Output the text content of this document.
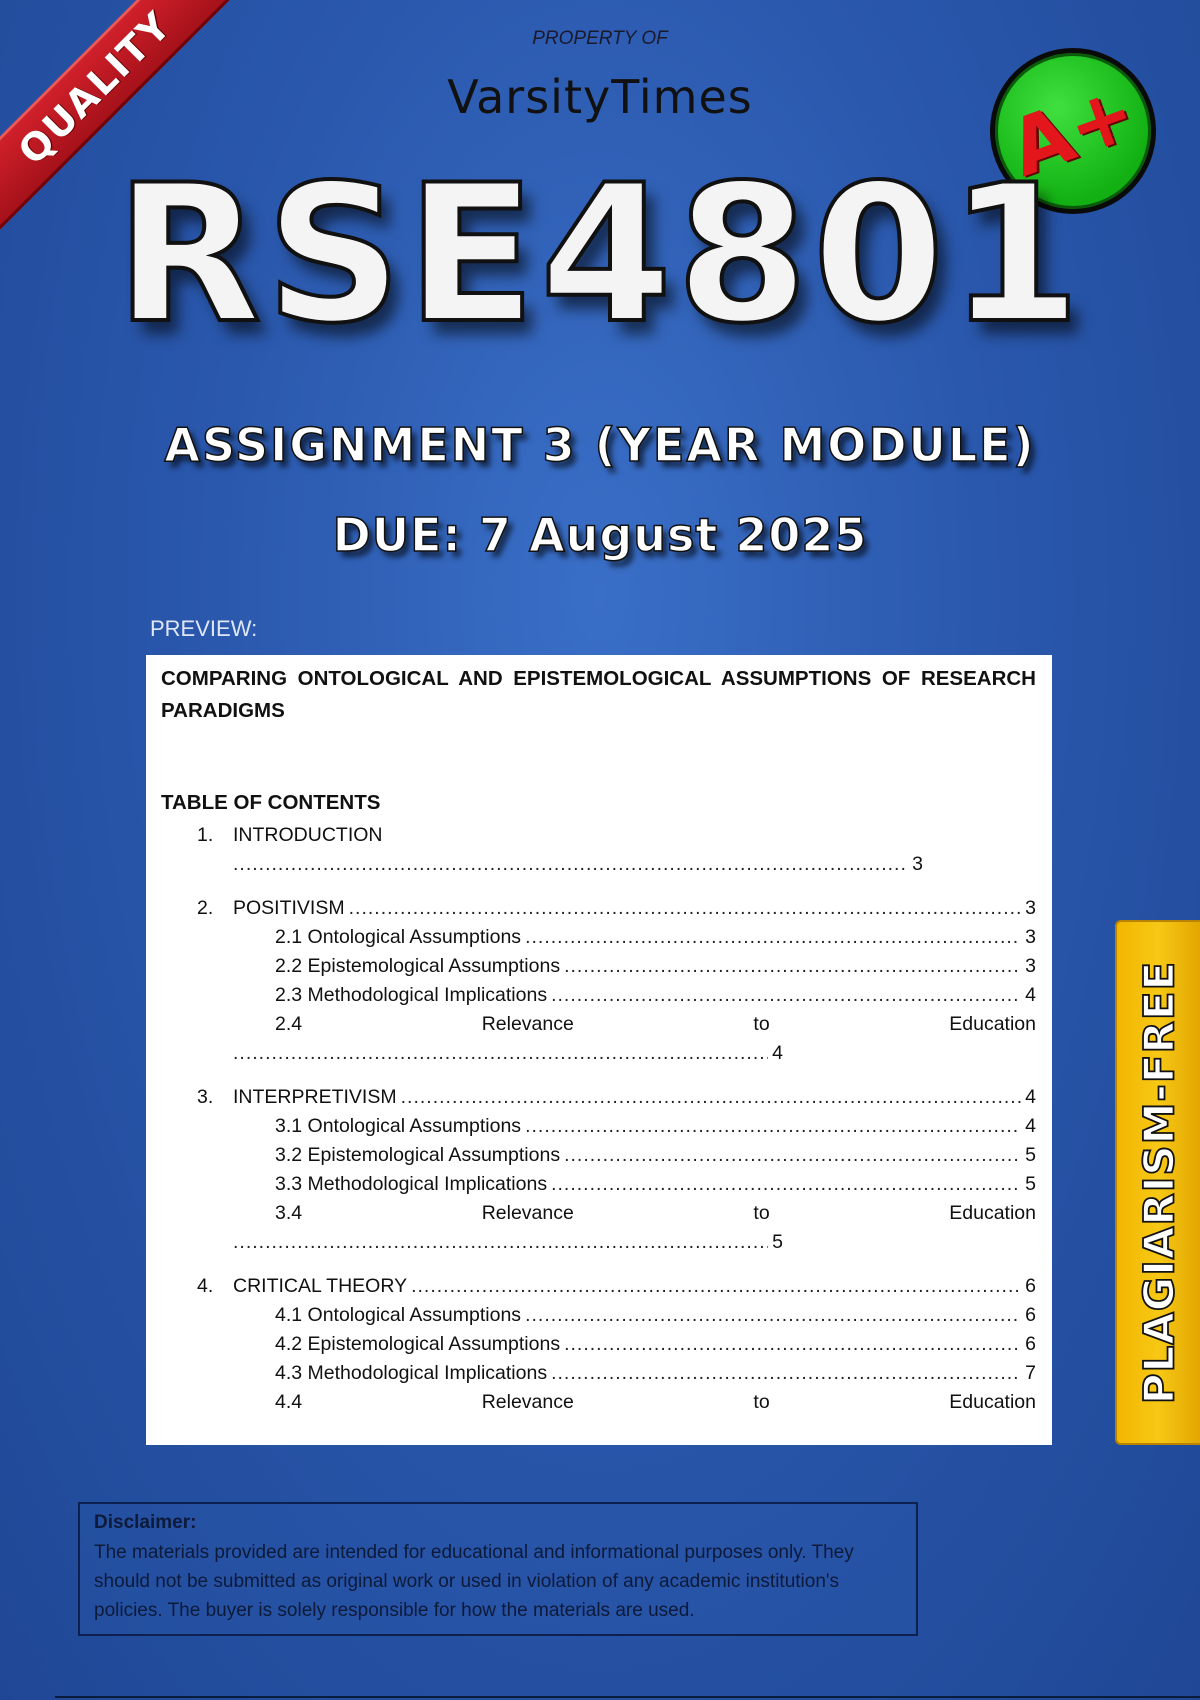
QUALITY	PROPERTY OF
VarsityTimes	A+
RSE4801
ASSIGNMENT 3 (YEAR MODULE)
DUE: 7 August 2025
PREVIEW:

COMPARING ONTOLOGICAL AND EPISTEMOLOGICAL ASSUMPTIONS OF RESEARCH PARADIGMS

TABLE OF CONTENTS
1. INTRODUCTION
.....
3
2. POSITIVISM .....	3
2.1 Ontological Assumptions .....	3
2.2 Epistemological Assumptions .....	3
2.3 Methodological Implications .....	4
2.4	Relevance	to	Education
.....
4
3. INTERPRETIVISM .....	4
3.1 Ontological Assumptions .....	4
3.2 Epistemological Assumptions .....	5
3.3 Methodological Implications .....	5
3.4	Relevance	to	Education
.....
5
4. CRITICAL THEORY .....	6
4.1 Ontological Assumptions .....	6
4.2 Epistemological Assumptions .....	6
4.3 Methodological Implications .....	7
4.4	Relevance	to	Education PLAGIARISM-FREE
Disclaimer:
The materials provided are intended for educational and informational purposes only. They should not be submitted as original work or used in violation of any academic institution's policies. The buyer is solely responsible for how the materials are used.
